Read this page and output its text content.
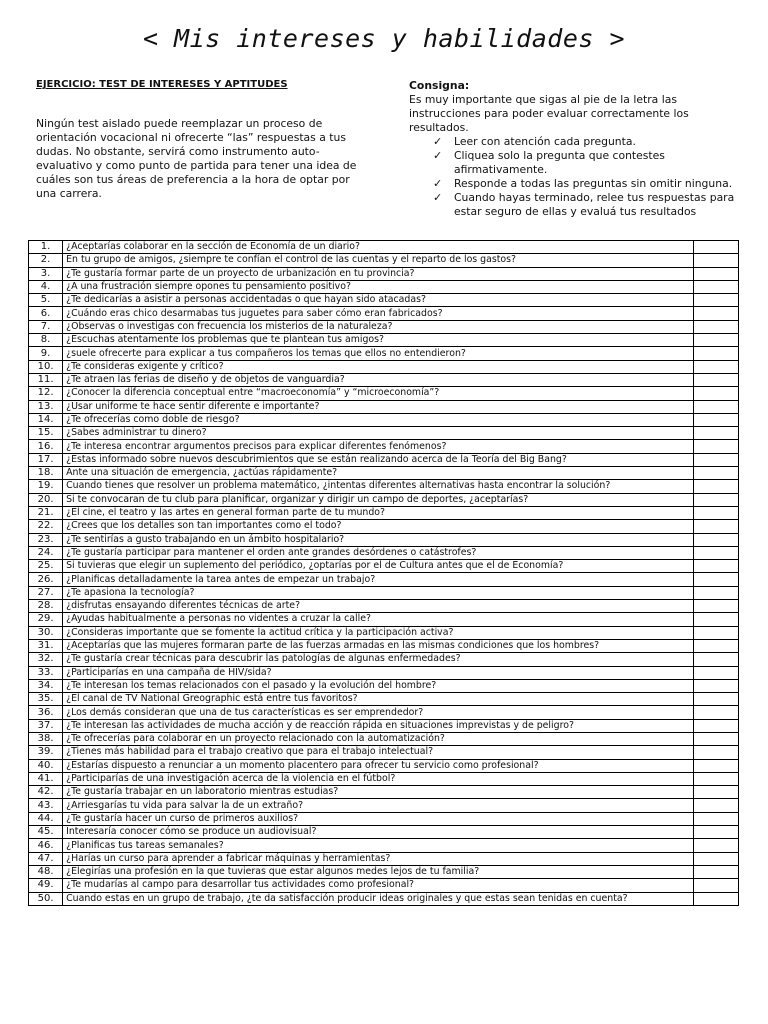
< Mis intereses y habilidades >
EJERCICIO: TEST DE INTERESES Y APTITUDES

Ningún test aislado puede reemplazar un proceso de orientación vocacional ni ofrecerte “las” respuestas a tus dudas. No obstante, servirá como instrumento auto-evaluativo y como punto de partida para tener una idea de cuáles son tus áreas de preferencia a la hora de optar por una carrera.

Consigna:
Es muy importante que sigas al pie de la letra las instrucciones para poder evaluar correctamente los resultados.
✓ Leer con atención cada pregunta.
✓ Cliquea solo la pregunta que contestes afirmativamente.
✓ Responde a todas las preguntas sin omitir ninguna.
✓ Cuando hayas terminado, relee tus respuestas para estar seguro de ellas y evaluá tus resultados
1.	¿Aceptarías colaborar en la sección de Economía de un diario?	
2.	En tu grupo de amigos, ¿siempre te confían el control de las cuentas y el reparto de los gastos?	
3.	¿Te gustaría formar parte de un proyecto de urbanización en tu provincia?	
4.	¿A una frustración siempre opones tu pensamiento positivo?	
5.	¿Te dedicarías a asistir a personas accidentadas o que hayan sido atacadas?	
6.	¿Cuándo eras chico desarmabas tus juguetes para saber cómo eran fabricados?	
7.	¿Observas o investigas con frecuencia los misterios de la naturaleza?	
8.	¿Escuchas atentamente los problemas que te plantean tus amigos?	
9.	¿suele ofrecerte para explicar a tus compañeros los temas que ellos no entendieron?	
10.	¿Te consideras exigente y crítico?	
11.	¿Te atraen las ferias de diseño y de objetos de vanguardia?	
12.	¿Conocer la diferencia conceptual entre “macroeconomía” y “microeconomía”?	
13.	¿Usar uniforme te hace sentir diferente e importante?	
14.	¿Te ofrecerías como doble de riesgo?	
15.	¿Sabes administrar tu dinero?	
16.	¿Te interesa encontrar argumentos precisos para explicar diferentes fenómenos?	
17.	¿Estas informado sobre nuevos descubrimientos que se están realizando acerca de la Teoría del Big Bang?	
18.	Ante una situación de emergencia, ¿actúas rápidamente?	
19.	Cuando tienes que resolver un problema matemático, ¿intentas diferentes alternativas hasta encontrar la solución?	
20.	Si te convocaran de tu club para planificar, organizar y dirigir un campo de deportes, ¿aceptarías?	
21.	¿El cine, el teatro y las artes en general forman parte de tu mundo?	
22.	¿Crees que los detalles son tan importantes como el todo?	
23.	¿Te sentirías a gusto trabajando en un ámbito hospitalario?	
24.	¿Te gustaría participar para mantener el orden ante grandes desórdenes o catástrofes?	
25.	Si tuvieras que elegir un suplemento del periódico, ¿optarías por el de Cultura antes que el de Economía?	
26.	¿Planificas detalladamente la tarea antes de empezar un trabajo?	
27.	¿Te apasiona la tecnología?	
28.	¿disfrutas ensayando diferentes técnicas de arte?	
29.	¿Ayudas habitualmente a personas no videntes a cruzar la calle?	
30.	¿Consideras importante que se fomente la actitud crítica y la participación activa?	
31.	¿Aceptarías que las mujeres formaran parte de las fuerzas armadas en las mismas condiciones que los hombres?	
32.	¿Te gustaría crear técnicas para descubrir las patologías de algunas enfermedades?	
33.	¿Participarías en una campaña de HIV/sida?	
34.	¿Te interesan los temas relacionados con el pasado y la evolución del hombre?	
35.	¿El canal de TV National Greographic está entre tus favoritos?	
36.	¿Los demás consideran que una de tus características es ser emprendedor?	
37.	¿Te interesan las actividades de mucha acción y de reacción rápida en situaciones imprevistas y de peligro?	
38.	¿Te ofrecerías para colaborar en un proyecto relacionado con la automatización?	
39.	¿Tienes más habilidad para el trabajo creativo que para el trabajo intelectual?	
40.	¿Estarías dispuesto a renunciar a un momento placentero para ofrecer tu servicio como profesional?	
41.	¿Participarías de una investigación acerca de la violencia en el fútbol?	
42.	¿Te gustaría trabajar en un laboratorio mientras estudias?	
43.	¿Arriesgarías tu vida para salvar la de un extraño?	
44.	¿Te gustaría hacer un curso de primeros auxilios?	
45.	Interesaría conocer cómo se produce un audiovisual?	
46.	¿Planificas tus tareas semanales?	
47.	¿Harías un curso para aprender a fabricar máquinas y herramientas?	
48.	¿Elegirías una profesión en la que tuvieras que estar algunos medes lejos de tu familia?	
49.	¿Te mudarías al campo para desarrollar tus actividades como profesional?	
50.	Cuando estas en un grupo de trabajo, ¿te da satisfacción producir ideas originales y que estas sean tenidas en cuenta?	
